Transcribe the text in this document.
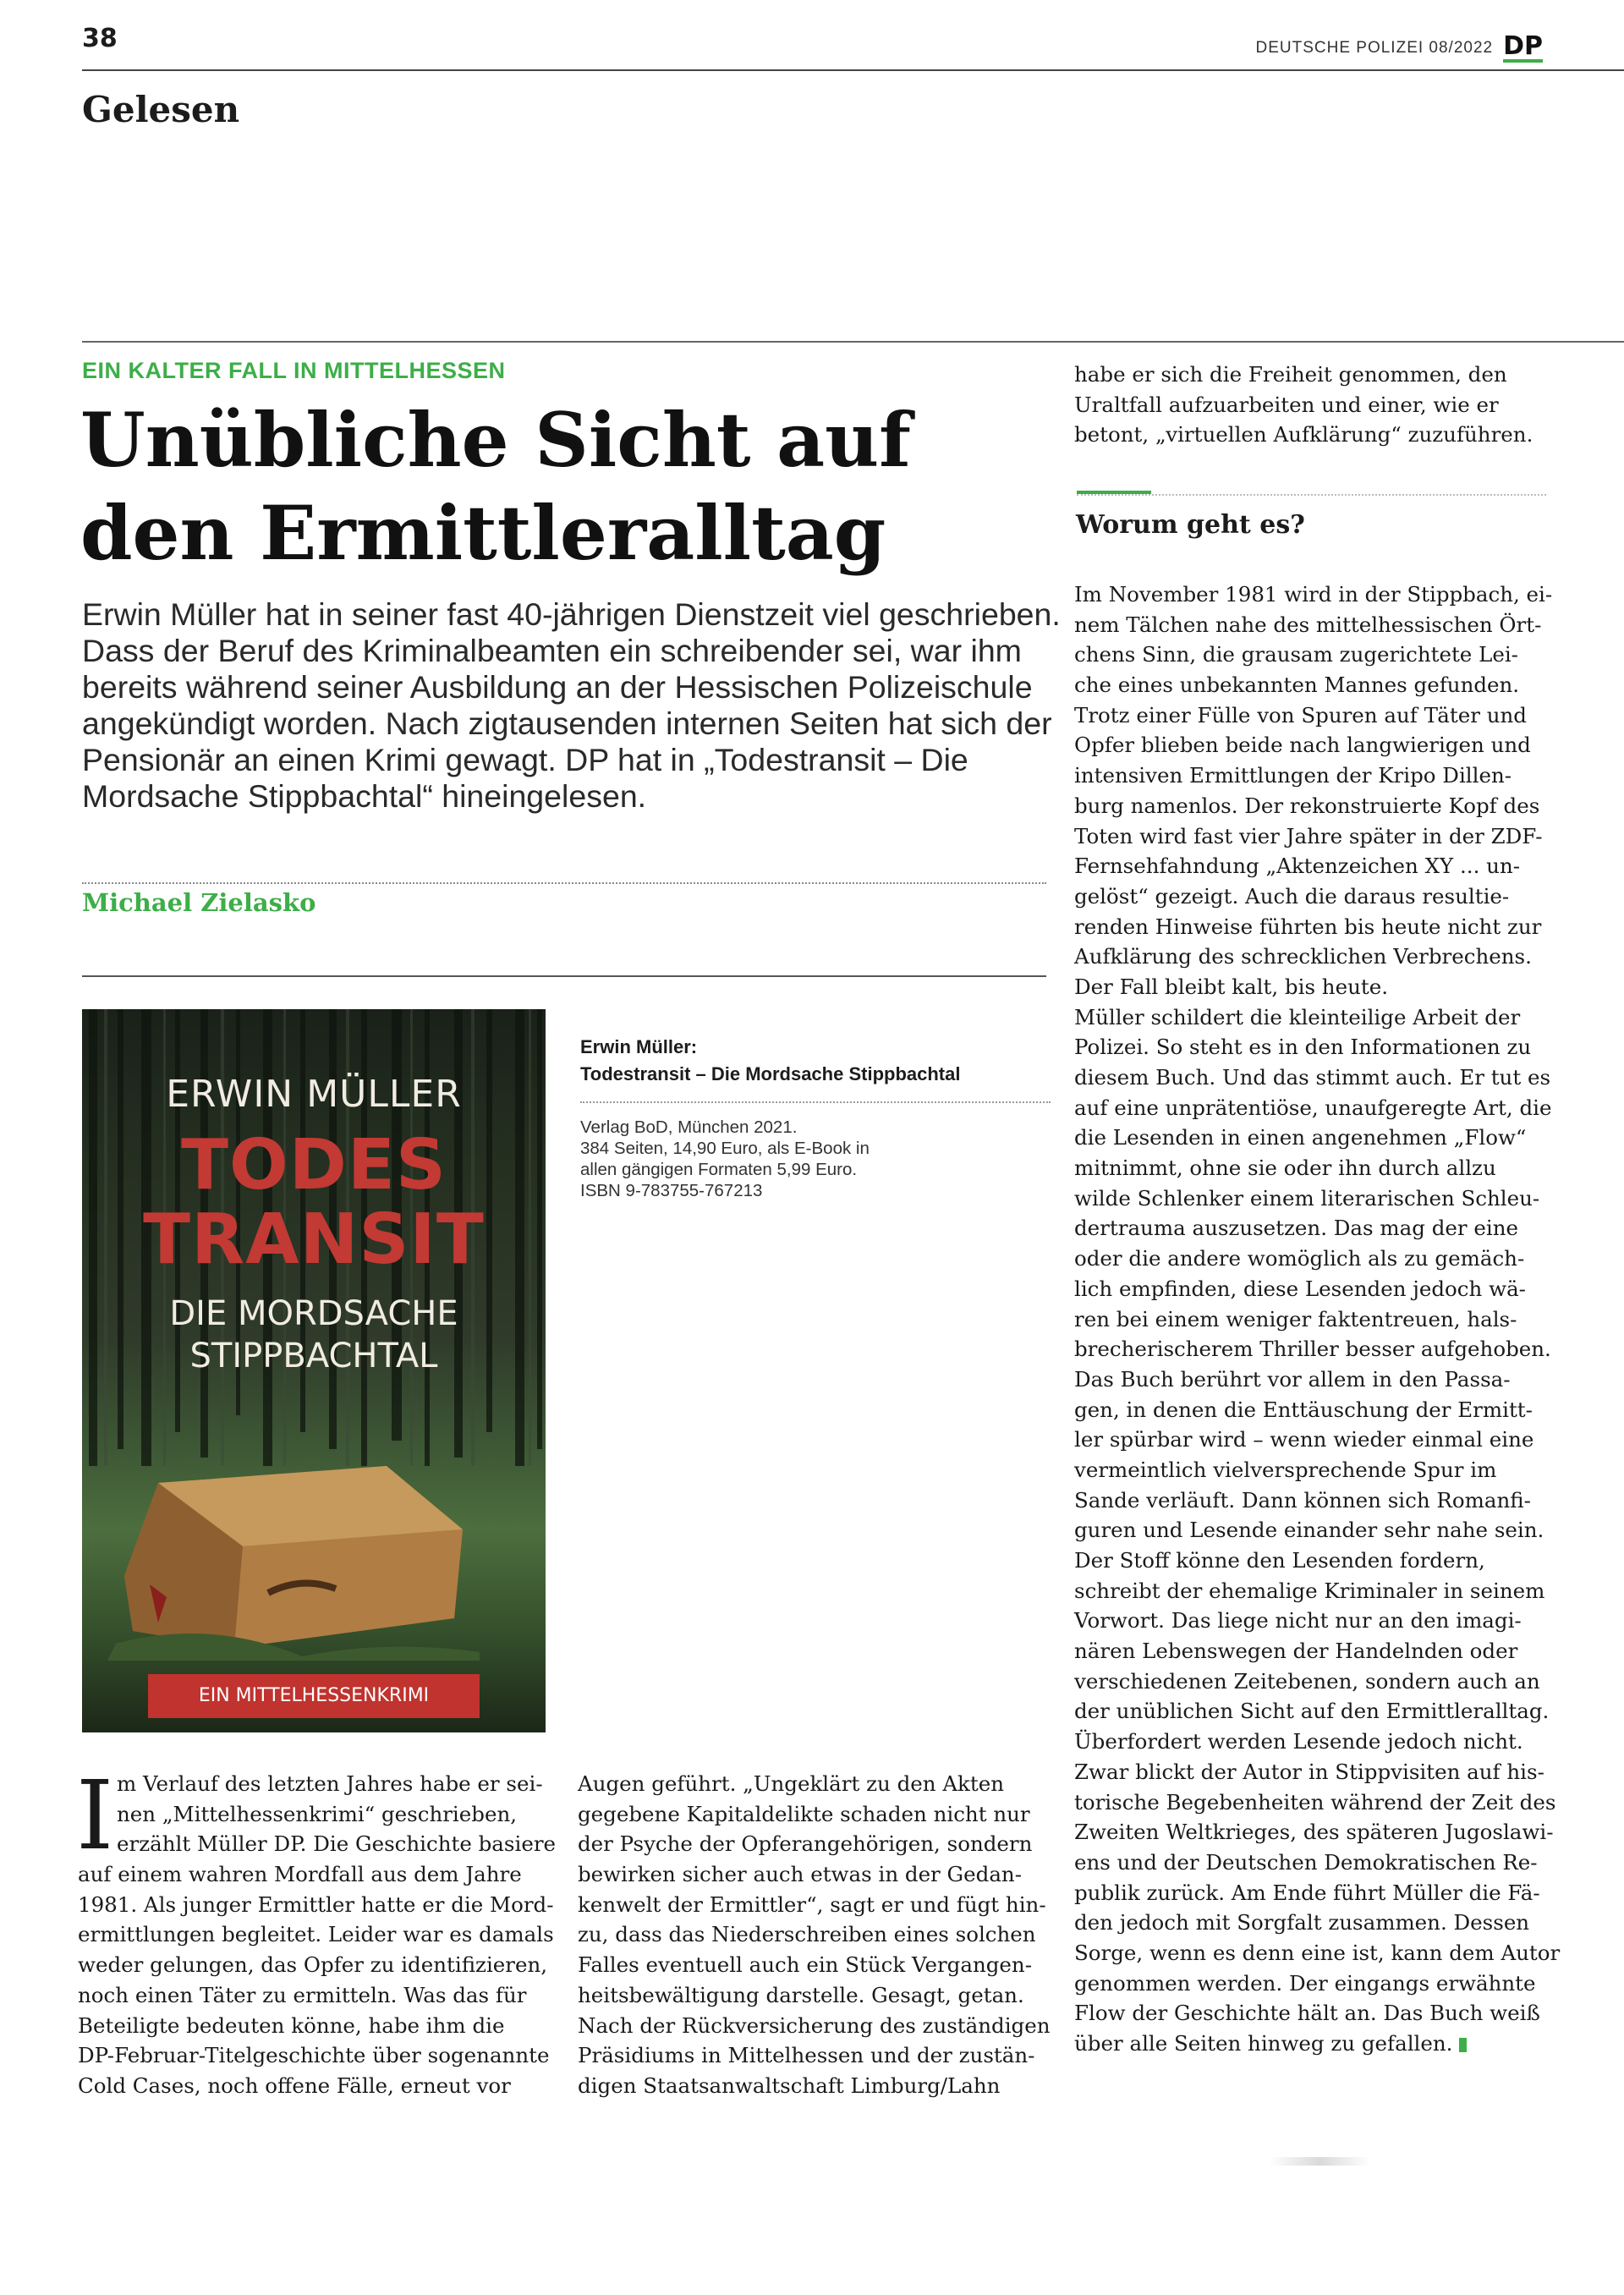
38	DEUTSCHE POLIZEI 08/2022 DP
Gelesen
EIN KALTER FALL IN MITTELHESSEN
Unübliche Sicht auf
den Ermittleralltag
Erwin Müller hat in seiner fast 40-jährigen Dienstzeit viel geschrieben.
Dass der Beruf des Kriminalbeamten ein schreibender sei, war ihm
bereits während seiner Ausbildung an der Hessischen Polizeischule
angekündigt worden. Nach zigtausenden internen Seiten hat sich der
Pensionär an einen Krimi gewagt. DP hat in „Todestransit – Die
Mordsache Stippbachtal“ hineingelesen.
Michael Zielasko
ERWIN MÜLLER
TODES
TRANSIT
DIE MORDSACHE
STIPPBACHTAL
EIN MITTELHESSENKRIMI
Erwin Müller:
Todestransit – Die Mordsache Stippbachtal
Verlag BoD, München 2021.
384 Seiten, 14,90 Euro, als E-Book in
allen gängigen Formaten 5,99 Euro.
ISBN 9-783755-767213
I m Verlauf des letzten Jahres habe er sei-
nen „Mittelhessenkrimi“ geschrieben,
erzählt Müller DP. Die Geschichte basiere
auf einem wahren Mordfall aus dem Jahre
1981. Als junger Ermittler hatte er die Mord-
ermittlungen begleitet. Leider war es damals
weder gelungen, das Opfer zu identifizieren,
noch einen Täter zu ermitteln. Was das für
Beteiligte bedeuten könne, habe ihm die
DP-Februar-Titelgeschichte über sogenannte
Cold Cases, noch offene Fälle, erneut vor
Augen geführt. „Ungeklärt zu den Akten
gegebene Kapitaldelikte schaden nicht nur
der Psyche der Opferangehörigen, sondern
bewirken sicher auch etwas in der Gedan-
kenwelt der Ermittler“, sagt er und fügt hin-
zu, dass das Niederschreiben eines solchen
Falles eventuell auch ein Stück Vergangen-
heitsbewältigung darstelle. Gesagt, getan.
Nach der Rückversicherung des zuständigen
Präsidiums in Mittelhessen und der zustän-
digen Staatsanwaltschaft Limburg/Lahn
habe er sich die Freiheit genommen, den
Uraltfall aufzuarbeiten und einer, wie er
betont, „virtuellen Aufklärung“ zuzuführen.
Worum geht es?
Im November 1981 wird in der Stippbach, ei-
nem Tälchen nahe des mittelhessischen Ört-
chens Sinn, die grausam zugerichtete Lei-
che eines unbekannten Mannes gefunden.
Trotz einer Fülle von Spuren auf Täter und
Opfer blieben beide nach langwierigen und
intensiven Ermittlungen der Kripo Dillen-
burg namenlos. Der rekonstruierte Kopf des
Toten wird fast vier Jahre später in der ZDF-
Fernsehfahndung „Aktenzeichen XY ... un-
gelöst“ gezeigt. Auch die daraus resultie-
renden Hinweise führten bis heute nicht zur
Aufklärung des schrecklichen Verbrechens.
Der Fall bleibt kalt, bis heute.
Müller schildert die kleinteilige Arbeit der
Polizei. So steht es in den Informationen zu
diesem Buch. Und das stimmt auch. Er tut es
auf eine unprätentiöse, unaufgeregte Art, die
die Lesenden in einen angenehmen „Flow“
mitnimmt, ohne sie oder ihn durch allzu
wilde Schlenker einem literarischen Schleu-
dertrauma auszusetzen. Das mag der eine
oder die andere womöglich als zu gemäch-
lich empfinden, diese Lesenden jedoch wä-
ren bei einem weniger faktentreuen, hals-
brecherischerem Thriller besser aufgehoben.
Das Buch berührt vor allem in den Passa-
gen, in denen die Enttäuschung der Ermitt-
ler spürbar wird – wenn wieder einmal eine
vermeintlich vielversprechende Spur im
Sande verläuft. Dann können sich Romanfi-
guren und Lesende einander sehr nahe sein.
Der Stoff könne den Lesenden fordern,
schreibt der ehemalige Kriminaler in seinem
Vorwort. Das liege nicht nur an den imagi-
nären Lebenswegen der Handelnden oder
verschiedenen Zeitebenen, sondern auch an
der unüblichen Sicht auf den Ermittleralltag.
Überfordert werden Lesende jedoch nicht.
Zwar blickt der Autor in Stippvisiten auf his-
torische Begebenheiten während der Zeit des
Zweiten Weltkrieges, des späteren Jugoslawi-
ens und der Deutschen Demokratischen Re-
publik zurück. Am Ende führt Müller die Fä-
den jedoch mit Sorgfalt zusammen. Dessen
Sorge, wenn es denn eine ist, kann dem Autor
genommen werden. Der eingangs erwähnte
Flow der Geschichte hält an. Das Buch weiß
über alle Seiten hinweg zu gefallen.
